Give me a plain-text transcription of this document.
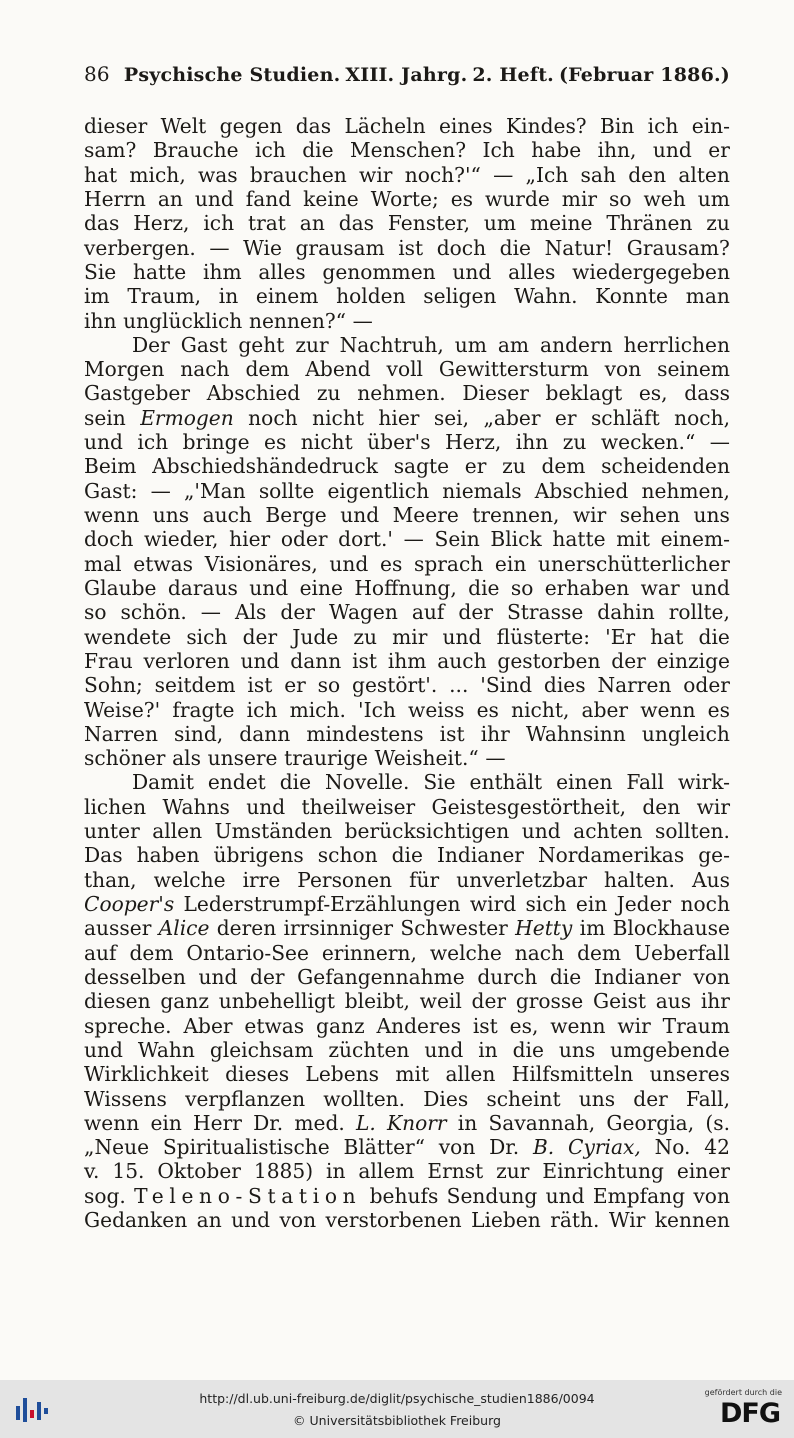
86 Psychische Studien. XIII. Jahrg. 2. Heft. (Februar 1886.)
dieser Welt gegen das Lächeln eines Kindes? Bin ich ein-
sam? Brauche ich die Menschen? Ich habe ihn, und er
hat mich, was brauchen wir noch?'“ — „Ich sah den alten
Herrn an und fand keine Worte; es wurde mir so weh um
das Herz, ich trat an das Fenster, um meine Thränen zu
verbergen. — Wie grausam ist doch die Natur! Grausam?
Sie hatte ihm alles genommen und alles wiedergegeben
im Traum, in einem holden seligen Wahn. Konnte man
ihn unglücklich nennen?“ —
Der Gast geht zur Nachtruh, um am andern herrlichen
Morgen nach dem Abend voll Gewittersturm von seinem
Gastgeber Abschied zu nehmen. Dieser beklagt es, dass
sein Ermogen noch nicht hier sei, „aber er schläft noch,
und ich bringe es nicht über's Herz, ihn zu wecken.“ —
Beim Abschiedshändedruck sagte er zu dem scheidenden
Gast: — „'Man sollte eigentlich niemals Abschied nehmen,
wenn uns auch Berge und Meere trennen, wir sehen uns
doch wieder, hier oder dort.' — Sein Blick hatte mit einem-
mal etwas Visionäres, und es sprach ein unerschütterlicher
Glaube daraus und eine Hoffnung, die so erhaben war und
so schön. — Als der Wagen auf der Strasse dahin rollte,
wendete sich der Jude zu mir und flüsterte: 'Er hat die
Frau verloren und dann ist ihm auch gestorben der einzige
Sohn; seitdem ist er so gestört'. ... 'Sind dies Narren oder
Weise?' fragte ich mich. 'Ich weiss es nicht, aber wenn es
Narren sind, dann mindestens ist ihr Wahnsinn ungleich
schöner als unsere traurige Weisheit.“ —
Damit endet die Novelle. Sie enthält einen Fall wirk-
lichen Wahns und theilweiser Geistesgestörtheit, den wir
unter allen Umständen berücksichtigen und achten sollten.
Das haben übrigens schon die Indianer Nordamerikas ge-
than, welche irre Personen für unverletzbar halten. Aus
Cooper's Lederstrumpf-Erzählungen wird sich ein Jeder noch
ausser Alice deren irrsinniger Schwester Hetty im Blockhause
auf dem Ontario-See erinnern, welche nach dem Ueberfall
desselben und der Gefangennahme durch die Indianer von
diesen ganz unbehelligt bleibt, weil der grosse Geist aus ihr
spreche. Aber etwas ganz Anderes ist es, wenn wir Traum
und Wahn gleichsam züchten und in die uns umgebende
Wirklichkeit dieses Lebens mit allen Hilfsmitteln unseres
Wissens verpflanzen wollten. Dies scheint uns der Fall,
wenn ein Herr Dr. med. L. Knorr in Savannah, Georgia, (s.
„Neue Spiritualistische Blätter“ von Dr. B. Cyriax, No. 42
v. 15. Oktober 1885) in allem Ernst zur Einrichtung einer
sog. Teleno-Station behufs Sendung und Empfang von
Gedanken an und von verstorbenen Lieben räth. Wir kennen
http://dl.ub.uni-freiburg.de/diglit/psychische_studien1886/0094
© Universitätsbibliothek Freiburg
gefördert durch die
DFG
